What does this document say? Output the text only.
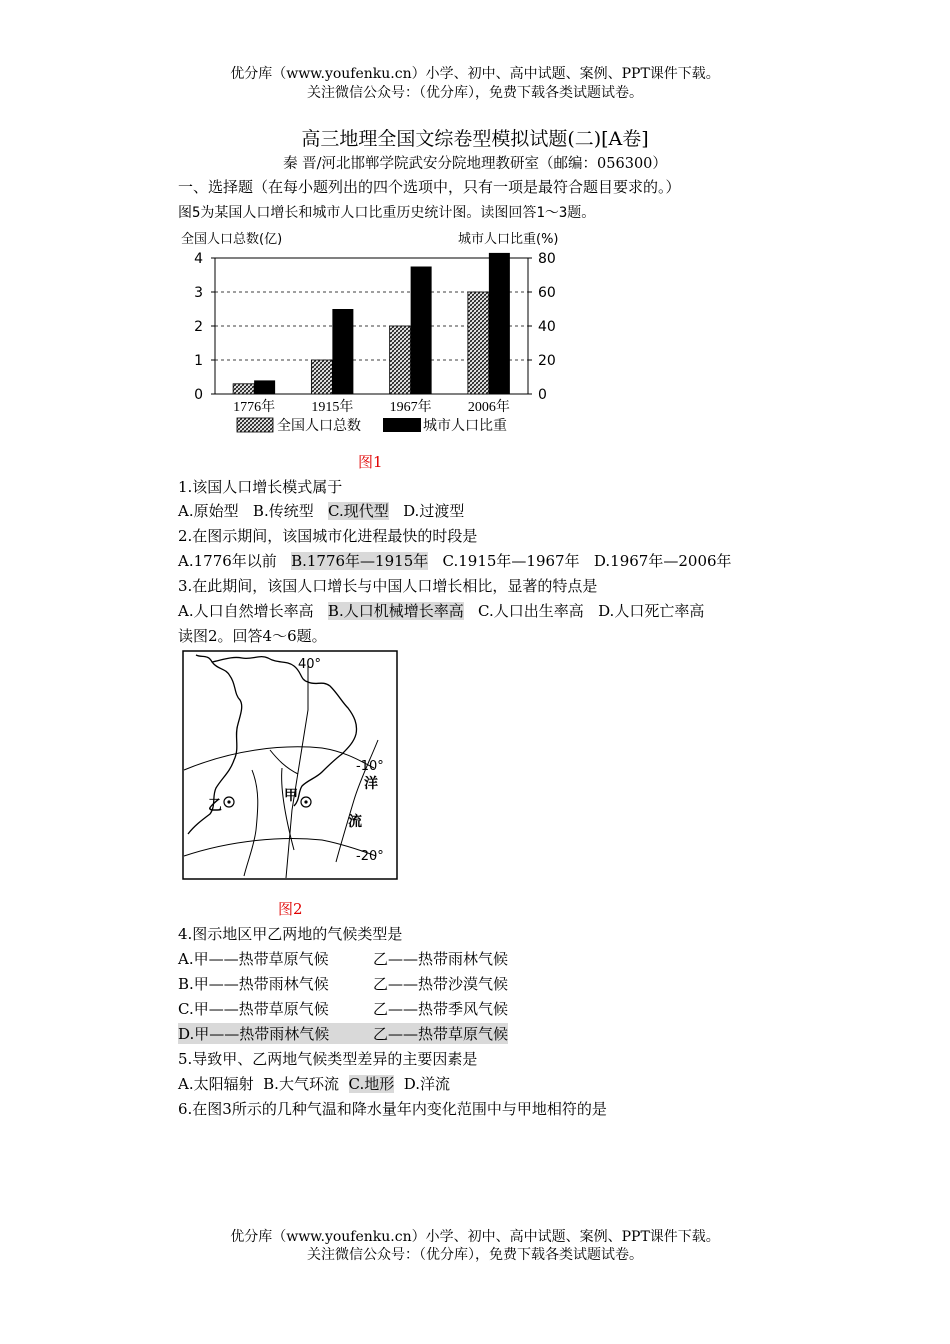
优分库（www.youfenku.cn）小学、初中、高中试题、案例、PPT课件下载。
关注微信公众号：（优分库），免费下载各类试题试卷。
高三地理全国文综卷型模拟试题(二)[A卷]
秦 晋/河北邯郸学院武安分院地理教研室（邮编：056300）
一、选择题（在每小题列出的四个选项中，只有一项是最符合题目要求的。）
图5为某国人口增长和城市人口比重历史统计图。读图回答1～3题。
全国人口总数(亿)	城市人口比重(%)
0
1
2
3
4
0
20
40
60
80
1776年	1915年	1967年	2006年
全国人口总数	城市人口比重
图1
1.该国人口增长模式属于
A.原始型 B.传统型 C.现代型 D.过渡型
2.在图示期间，该国城市化进程最快的时段是
A.1776年以前 B.1776年—1915年 C.1915年—1967年 D.1967年—2006年
3.在此期间，该国人口增长与中国人口增长相比，显著的特点是
A.人口自然增长率高 B.人口机械增长率高 C.人口出生率高 D.人口死亡率高
读图2。回答4～6题。
40°
-10°
-20°
洋
流
甲
乙
图2
4.图示地区甲乙两地的气候类型是
A.甲——热带草原气候	乙——热带雨林气候
B.甲——热带雨林气候	乙——热带沙漠气候
C.甲——热带草原气候	乙——热带季风气候
D.甲——热带雨林气候	乙——热带草原气候
5.导致甲、乙两地气候类型差异的主要因素是
A.太阳辐射 B.大气环流 C.地形 D.洋流
6.在图3所示的几种气温和降水量年内变化范围中与甲地相符的是
优分库（www.youfenku.cn）小学、初中、高中试题、案例、PPT课件下载。
关注微信公众号：（优分库），免费下载各类试题试卷。
